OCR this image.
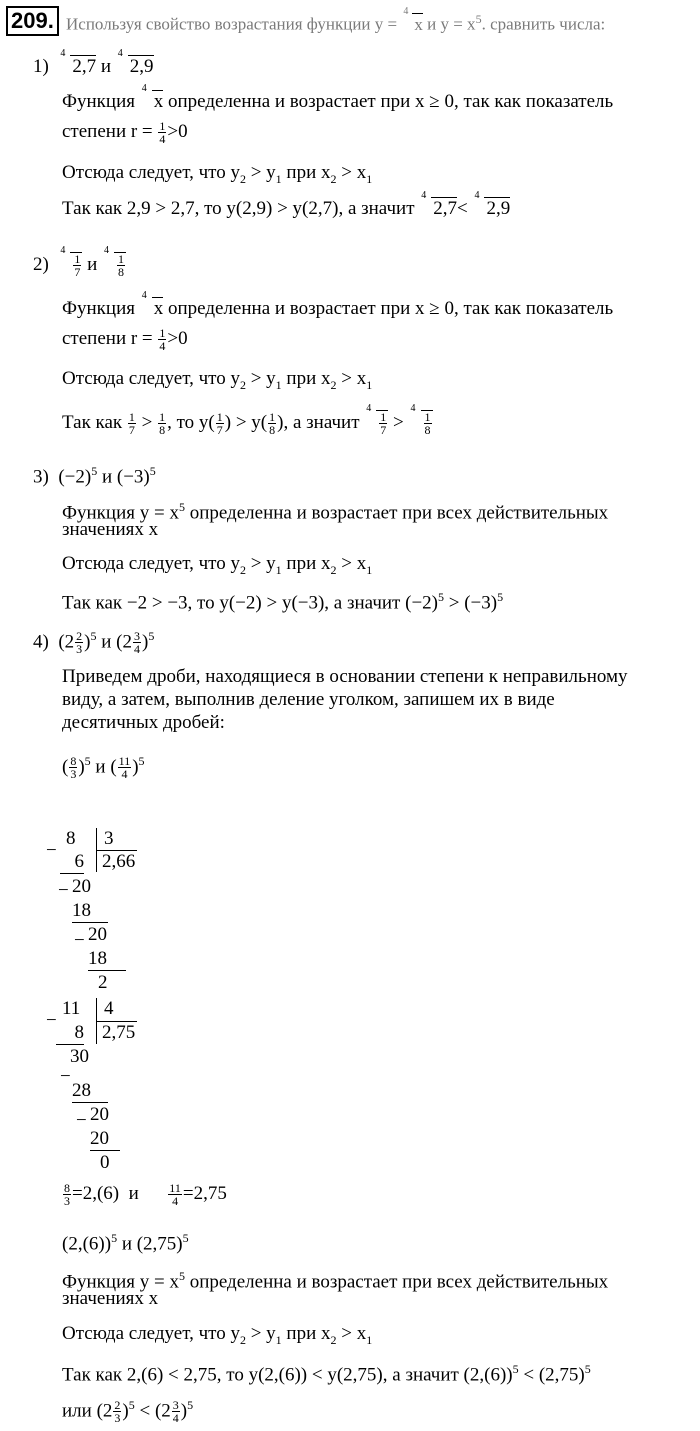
209. Используя свойство возрастания функции y =
4
x и $y = x^5$. сравнить числа:
1)
4
2,7 и
4
2,9
Функция
4
x определенна и возрастает при x ≥ 0, так как показатель
степени $r = \frac{1}{4} >0$
Отсюда следует, что $y_2 > y_1$ при $x_2 > x_1$
Так как 2,9 > 2,7, то y(2,9) > y(2,7), а значит
4
2,7<
4
2,9
2)
4
$\frac{1}{7}$ и
4
$\frac{1}{8}$
Функция
4
x определенна и возрастает при x ≥ 0, так как показатель
степени $r = \frac{1}{4} >0$
Отсюда следует, что $y_2 > y_1$ при $x_2 > x_1$
Так как $\frac{1}{7} > \frac{1}{8}$ , то $y( \frac{1}{7}$ ) > $y( \frac{1}{8}$ ), а значит
4
$\frac{1}{7}$ >
4
$\frac{1}{8}$
3) $(-2)^5$ и $(-3)^5$
Функция $y = x^5$ определенна и возрастает при всех действительных
значениях x
Отсюда следует, что $y_2 > y_1$ при $x_2 > x_1$
Так как −2 > −3, то y(−2) > y(−3), а значит $(-2)^5 > (-3)^5$
4)  $(2 \frac{2}{3} )^5$ и $(2 \frac{3}{4} )^5$
Приведем дроби, находящиеся в основании степени к неправильному
виду, а затем, выполнив деление уголком, запишем их в виде
десятичных дробей:
( $\frac{8}{3} )^5$ и ( $\frac{11}{4} )^5$
−
8 3
2,66
6
− 20
18
− 20
18
2
−
11 4
2,75
8
30
−
28
− 20
20
0
$\frac{8}{3} =2,(6)$ и $\frac{11}{4} =2,75$
$(2,(6))^5$ и $(2,75)^5$
Функция $y = x^5$ определенна и возрастает при всех действительных
значениях x
Отсюда следует, что $y_2 > y_1$ при $x_2 > x_1$
Так как 2,(6) < 2,75, то y(2,(6)) < y(2,75), а значит $(2,(6))^5 < (2,75)^5$
или $(2 \frac{2}{3} )^5 < (2 \frac{3}{4} )^5$
